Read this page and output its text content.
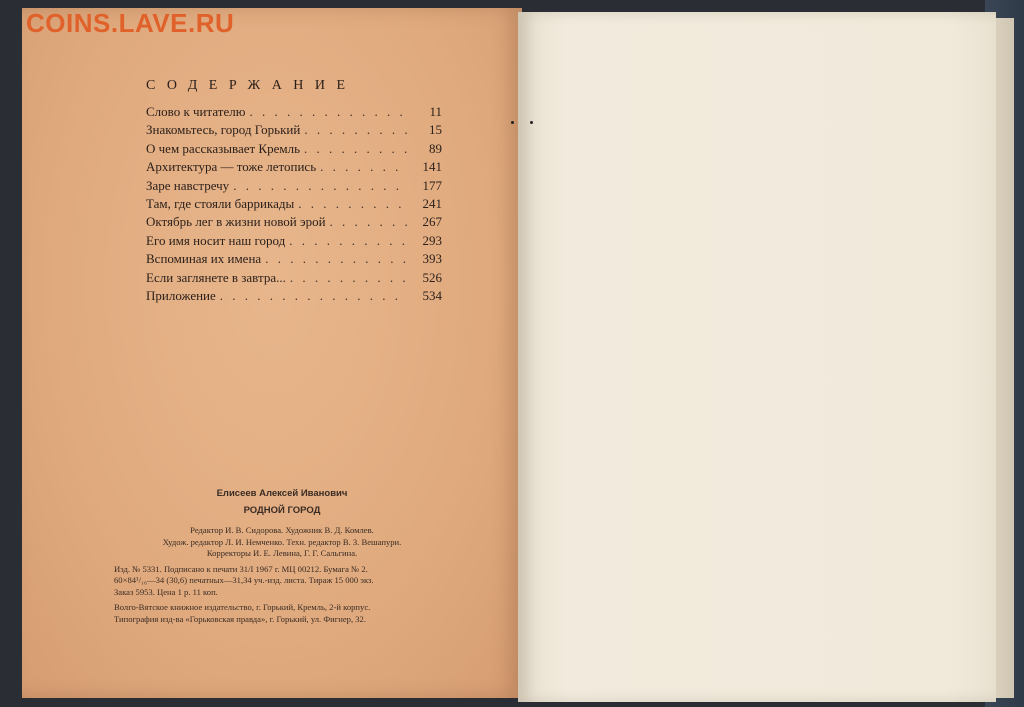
COINS.LAVE.RU
СОДЕРЖАНИЕ
Слово к читателю . . .	11
Знакомьтесь, город Горький . . .	15
О чем рассказывает Кремль . . .	89
Архитектура — тоже летопись . . .	141
Заре навстречу . . .	177
Там, где стояли баррикады . . .	241
Октябрь лег в жизни новой эрой . . .	267
Его имя носит наш город . . .	293
Вспоминая их имена . . .	393
Если заглянете в завтра... . . .	526
Приложение . . .	534
Елисеев Алексей Иванович
РОДНОЙ ГОРОД
Редактор И. В. Сидорова. Художник В. Д. Комлев.
Худож. редактор Л. И. Немченко. Техн. редактор В. З. Вешапури.
Корректоры И. Е. Левина, Г. Г. Сальгина.
Изд. № 5331. Подписано к печати 31/I 1967 г. МЦ 00212. Бумага № 2.
60×84¹/₁₆—34 (30,6) печатных—31,34 уч.-изд. листа. Тираж 15 000 экз.
Заказ 5953. Цена 1 р. 11 коп.
Волго-Вятское книжное издательство, г. Горький, Кремль, 2-й корпус.
Типография изд-ва «Горьковская правда», г. Горький, ул. Фигнер, 32.
